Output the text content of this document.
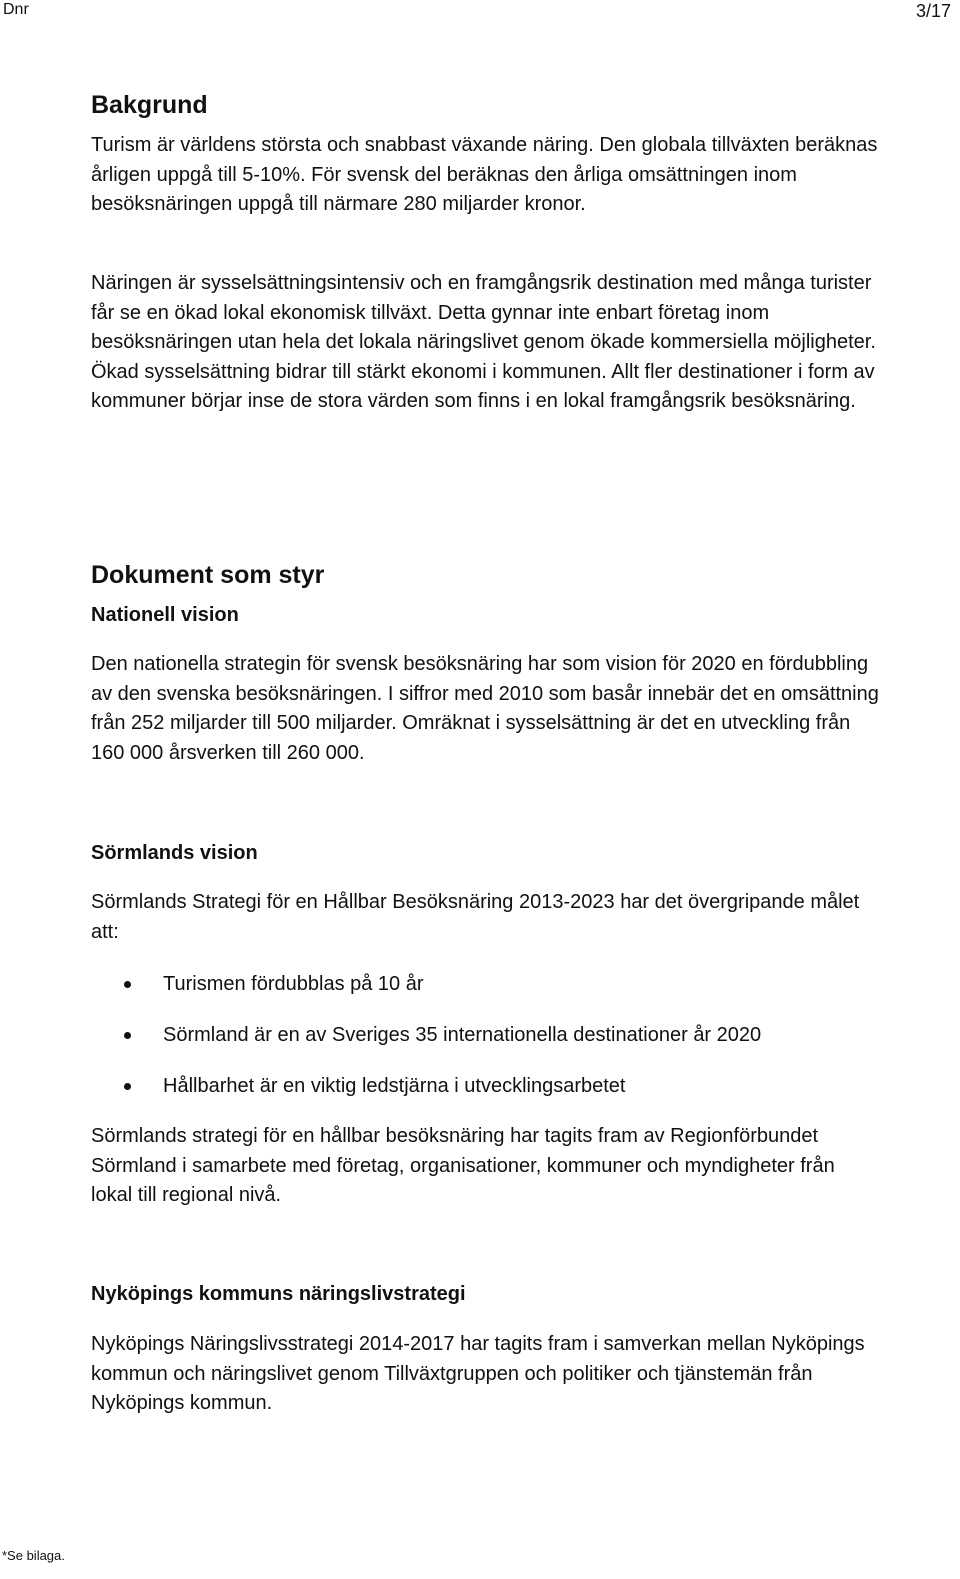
Dnr	3/17
Bakgrund

Turism är världens största och snabbast växande näring. Den globala tillväxten beräknas årligen uppgå till 5-10%. För svensk del beräknas den årliga omsättningen inom besöksnäringen uppgå till närmare 280 miljarder kronor.

Näringen är sysselsättningsintensiv och en framgångsrik destination med många turister får se en ökad lokal ekonomisk tillväxt. Detta gynnar inte enbart företag inom besöksnäringen utan hela det lokala näringslivet genom ökade kommersiella möjligheter. Ökad sysselsättning bidrar till stärkt ekonomi i kommunen. Allt fler destinationer i form av kommuner börjar inse de stora värden som finns i en lokal framgångsrik besöksnäring.

Dokument som styr
Nationell vision

Den nationella strategin för svensk besöksnäring har som vision för 2020 en fördubbling av den svenska besöksnäringen. I siffror med 2010 som basår innebär det en omsättning från 252 miljarder till 500 miljarder. Omräknat i sysselsättning är det en utveckling från 160 000 årsverken till 260 000.

Sörmlands vision

Sörmlands Strategi för en Hållbar Besöksnäring 2013-2023 har det övergripande målet att:

Turismen fördubblas på 10 år
Sörmland är en av Sveriges 35 internationella destinationer år 2020
Hållbarhet är en viktig ledstjärna i utvecklingsarbetet

Sörmlands strategi för en hållbar besöksnäring har tagits fram av Regionförbundet Sörmland i samarbete med företag, organisationer, kommuner och myndigheter från lokal till regional nivå.

Nyköpings kommuns näringslivstrategi

Nyköpings Näringslivsstrategi 2014-2017 har tagits fram i samverkan mellan Nyköpings kommun och näringslivet genom Tillväxtgruppen och politiker och tjänstemän från Nyköpings kommun.

*Se bilaga.
